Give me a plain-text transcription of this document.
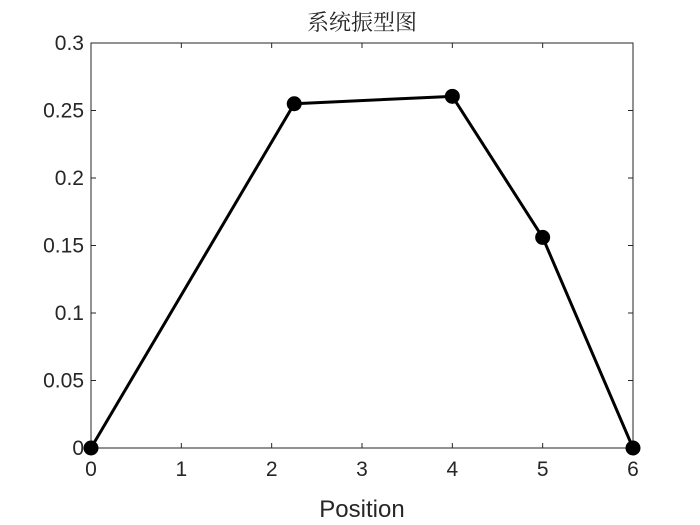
0	1	2	3	4	5	6
0
0.05
0.1
0.15
0.2
0.25
0.3
系统振型图
Position
